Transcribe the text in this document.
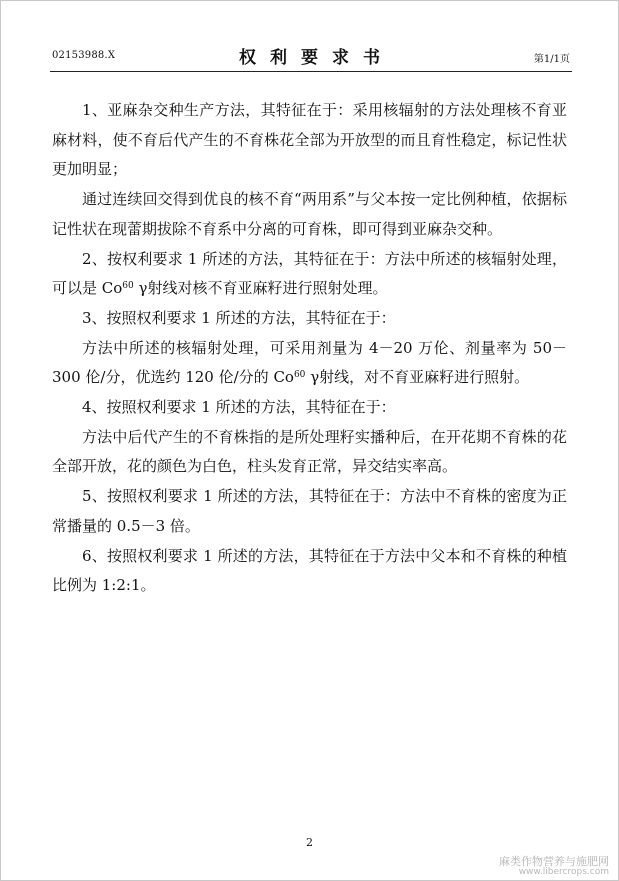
02153988.X	权利要求书	第1/1页

1、亚麻杂交种生产方法，其特征在于：采用核辐射的方法处理核不育亚麻材料，使不育后代产生的不育株花全部为开放型的而且育性稳定，标记性状更加明显；

通过连续回交得到优良的核不育“两用系”与父本按一定比例种植，依据标记性状在现蕾期拔除不育系中分离的可育株，即可得到亚麻杂交种。

2、按权利要求 1 所述的方法，其特征在于：方法中所述的核辐射处理，可以是 Co$^{60}$ γ射线对核不育亚麻籽进行照射处理。

3、按照权利要求 1 所述的方法，其特征在于：

方法中所述的核辐射处理，可采用剂量为 4－20 万伦、剂量率为 50－300 伦/分，优选约 120 伦/分的 Co$^{60}$ γ射线，对不育亚麻籽进行照射。

4、按照权利要求 1 所述的方法，其特征在于：

方法中后代产生的不育株指的是所处理籽实播种后，在开花期不育株的花全部开放，花的颜色为白色，柱头发育正常，异交结实率高。

5、按照权利要求 1 所述的方法，其特征在于：方法中不育株的密度为正常播量的 0.5－3 倍。

6、按照权利要求 1 所述的方法，其特征在于方法中父本和不育株的种植比例为 1:2:1。

2
麻类作物营养与施肥网
www.libercrops.com
